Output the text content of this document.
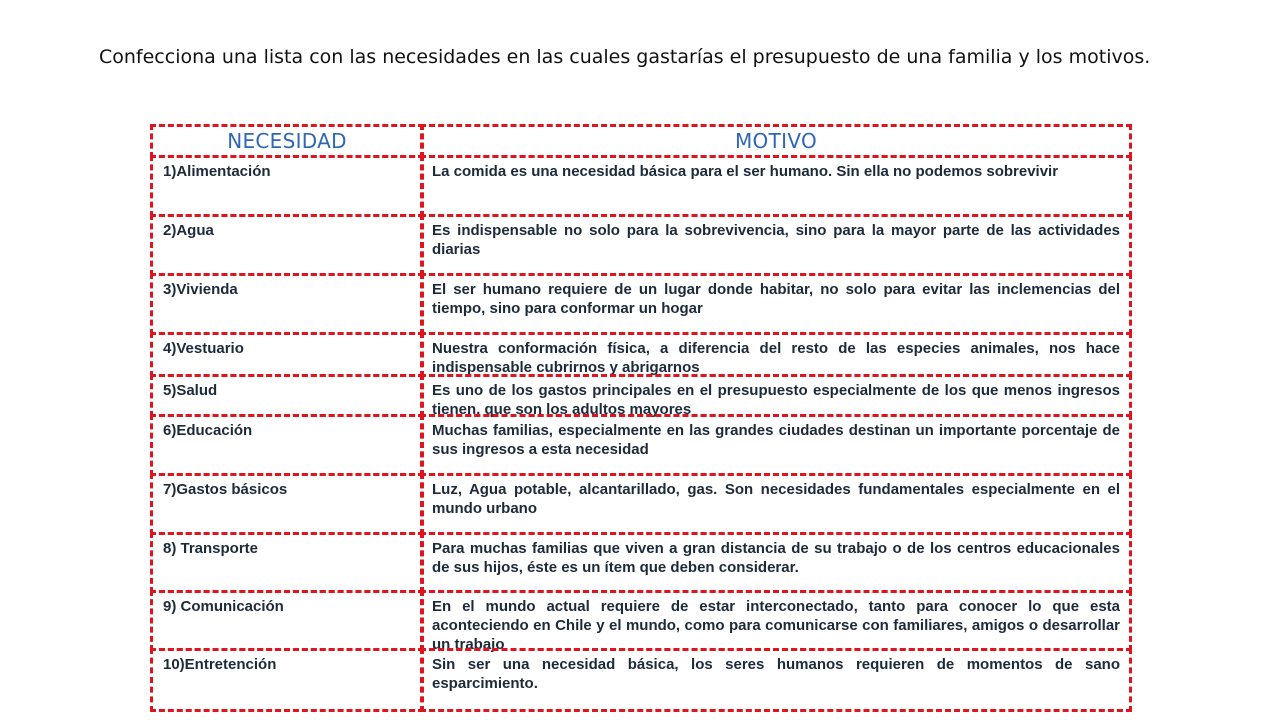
Confecciona una lista con las necesidades en las cuales gastarías el presupuesto de una familia y los motivos.

NECESIDAD	MOTIVO
1)Alimentación	La comida es una necesidad básica para el ser humano. Sin ella no podemos sobrevivir
2)Agua	Es indispensable no solo para la sobrevivencia, sino para la mayor parte de las actividades diarias
3)Vivienda	El ser humano requiere de un lugar donde habitar, no solo para evitar las inclemencias del tiempo, sino para conformar un hogar
4)Vestuario	Nuestra conformación física, a diferencia del resto de las especies animales, nos hace indispensable cubrirnos y abrigarnos
5)Salud	Es uno de los gastos principales en el presupuesto especialmente de los que menos ingresos tienen, que son los adultos mayores
6)Educación	Muchas familias, especialmente en las grandes ciudades destinan un importante porcentaje de sus ingresos a esta necesidad
7)Gastos básicos	Luz, Agua potable, alcantarillado, gas. Son necesidades fundamentales especialmente en el mundo urbano
8) Transporte	Para muchas familias que viven a gran distancia de su trabajo o de los centros educacionales de sus hijos, éste es un ítem que deben considerar.
9) Comunicación	En el mundo actual requiere de estar interconectado, tanto para conocer lo que esta aconteciendo en Chile y el mundo, como para comunicarse con familiares, amigos o desarrollar un trabajo
10)Entretención	Sin ser una necesidad básica, los seres humanos requieren de momentos de sano esparcimiento.
